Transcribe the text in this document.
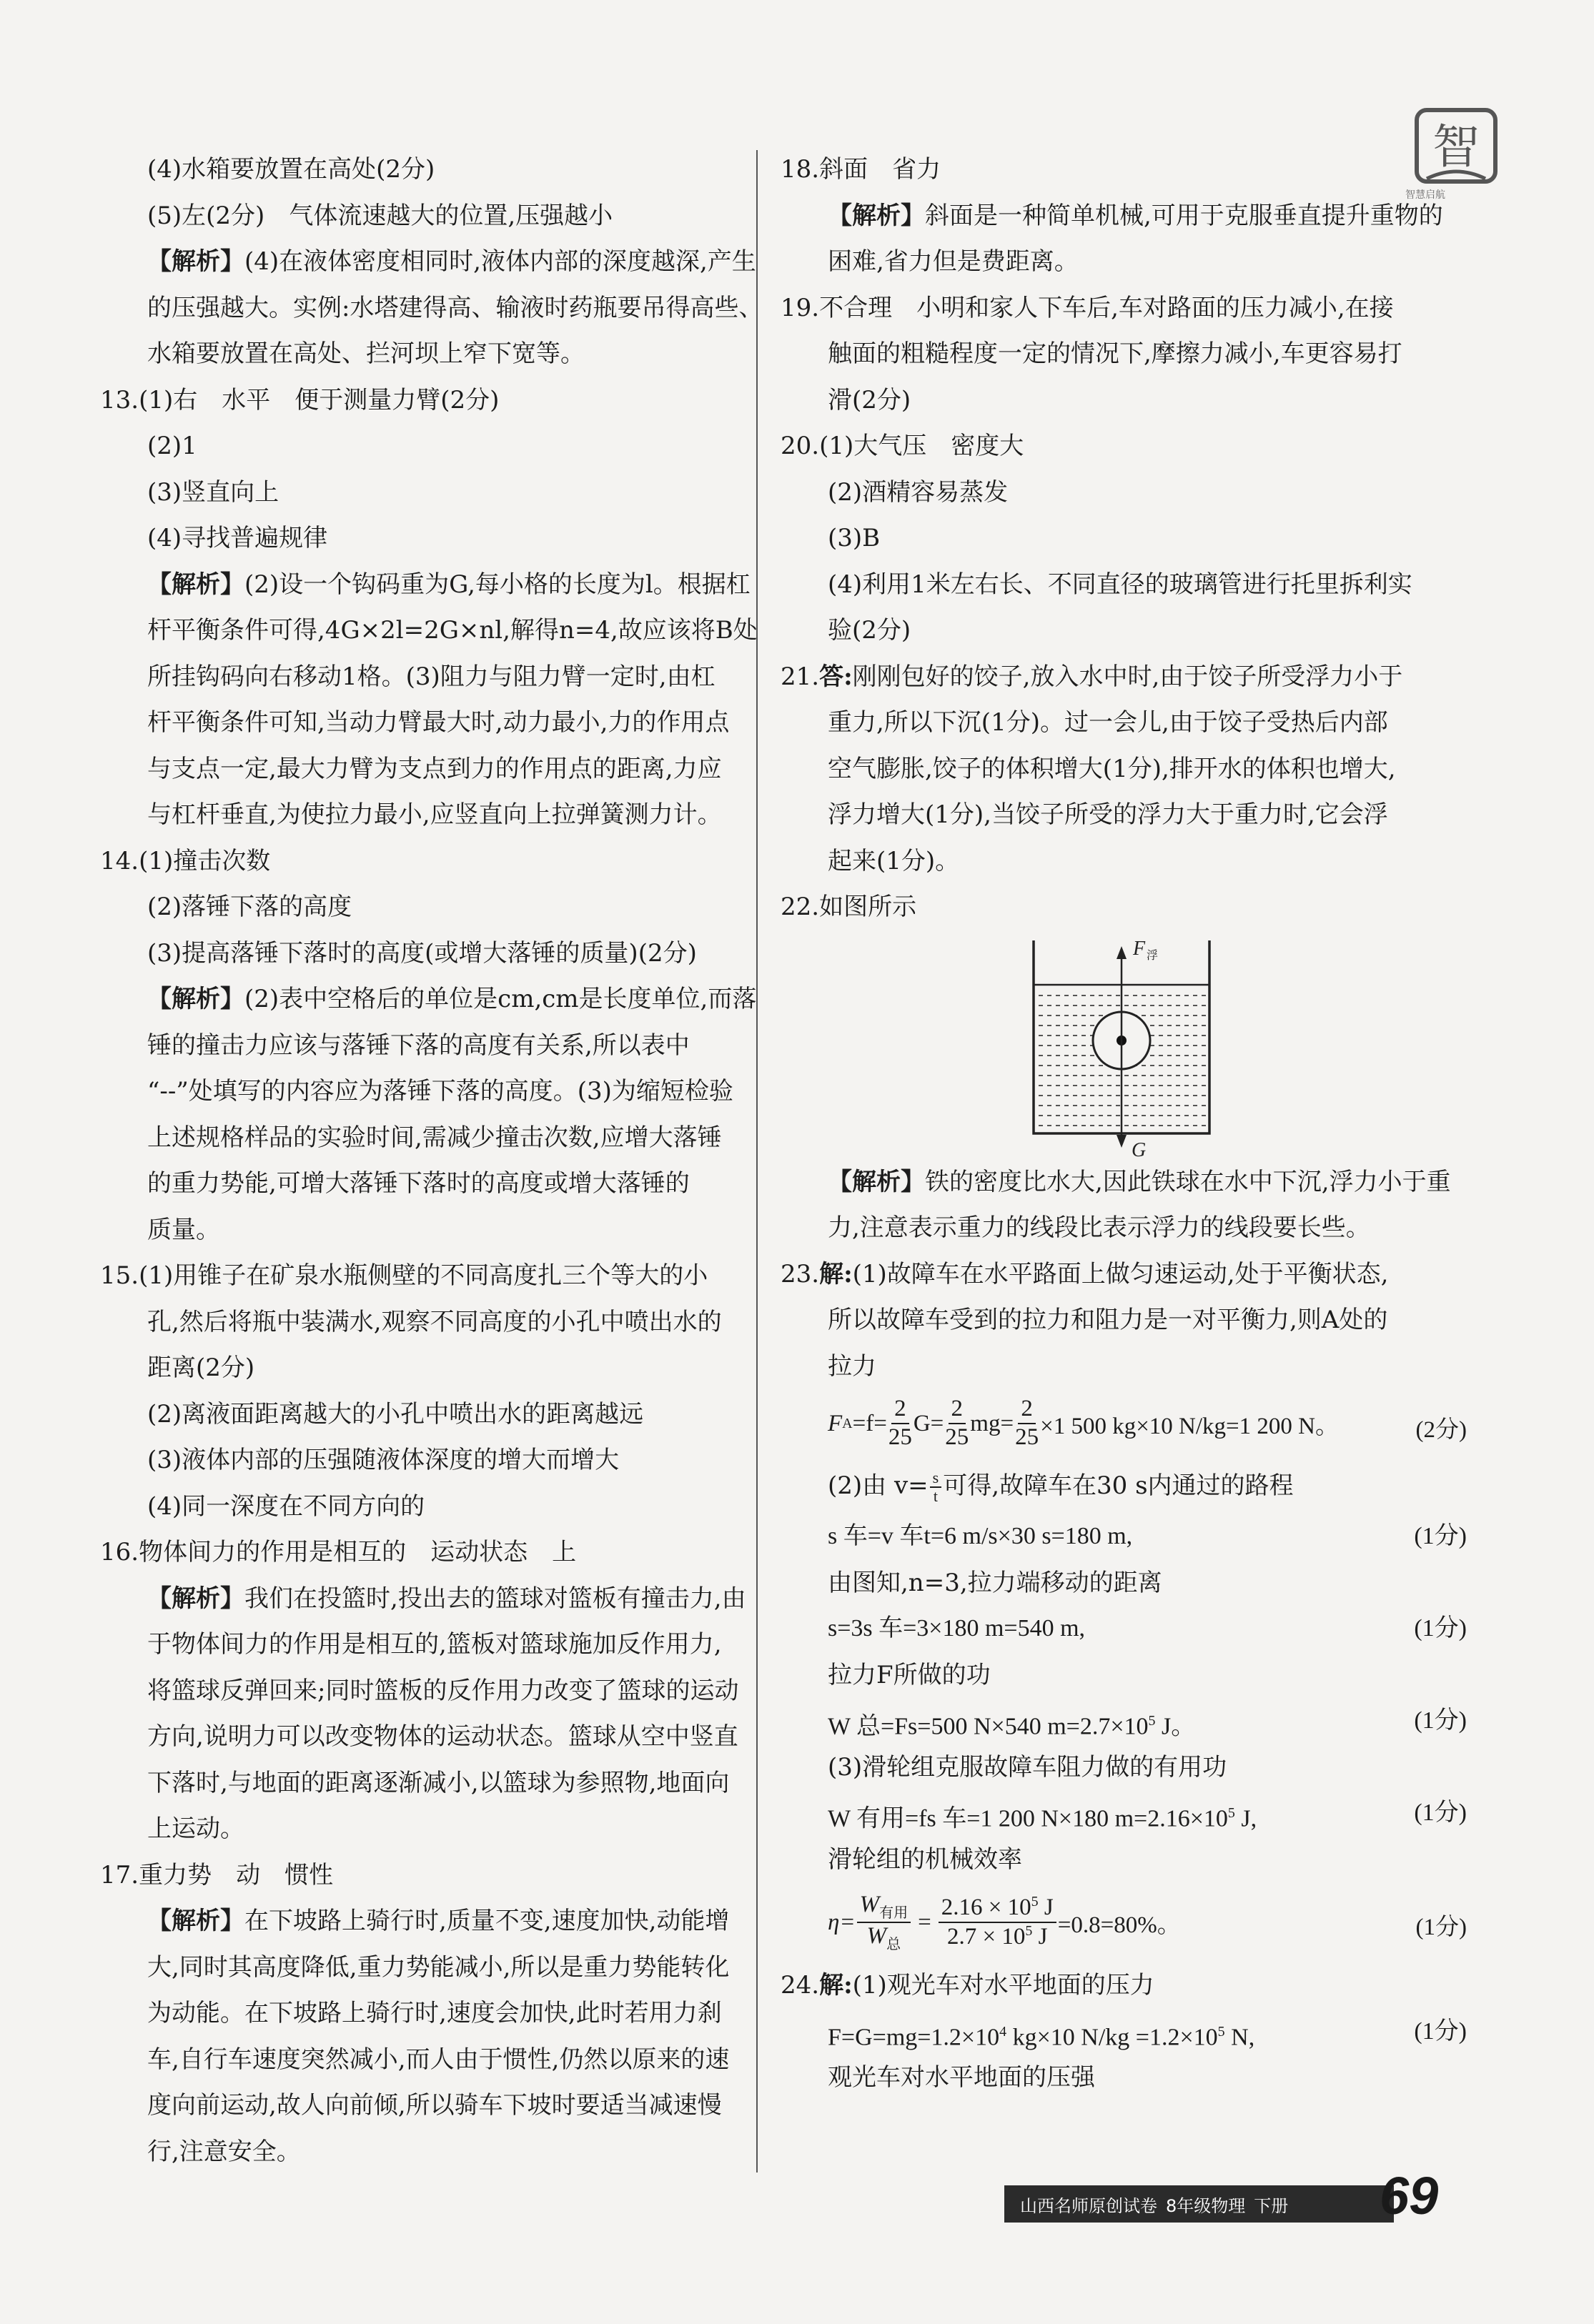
智
智慧启航
(4)水箱要放置在高处(2分)
(5)左(2分)　气体流速越大的位置,压强越小
【解析】(4)在液体密度相同时,液体内部的深度越深,产生
的压强越大。实例:水塔建得高、输液时药瓶要吊得高些、
水箱要放置在高处、拦河坝上窄下宽等。
13.(1)右　水平　便于测量力臂(2分)
(2)1
(3)竖直向上
(4)寻找普遍规律
【解析】(2)设一个钩码重为G,每小格的长度为l。根据杠
杆平衡条件可得,4G×2l=2G×nl,解得n=4,故应该将B处
所挂钩码向右移动1格。(3)阻力与阻力臂一定时,由杠
杆平衡条件可知,当动力臂最大时,动力最小,力的作用点
与支点一定,最大力臂为支点到力的作用点的距离,力应
与杠杆垂直,为使拉力最小,应竖直向上拉弹簧测力计。
14.(1)撞击次数
(2)落锤下落的高度
(3)提高落锤下落时的高度(或增大落锤的质量)(2分)
【解析】(2)表中空格后的单位是cm,cm是长度单位,而落
锤的撞击力应该与落锤下落的高度有关系,所以表中
“--”处填写的内容应为落锤下落的高度。(3)为缩短检验
上述规格样品的实验时间,需减少撞击次数,应增大落锤
的重力势能,可增大落锤下落时的高度或增大落锤的
质量。
15.(1)用锥子在矿泉水瓶侧壁的不同高度扎三个等大的小
孔,然后将瓶中装满水,观察不同高度的小孔中喷出水的
距离(2分)
(2)离液面距离越大的小孔中喷出水的距离越远
(3)液体内部的压强随液体深度的增大而增大
(4)同一深度在不同方向的
16.物体间力的作用是相互的　运动状态　上
【解析】我们在投篮时,投出去的篮球对篮板有撞击力,由
于物体间力的作用是相互的,篮板对篮球施加反作用力,
将篮球反弹回来;同时篮板的反作用力改变了篮球的运动
方向,说明力可以改变物体的运动状态。篮球从空中竖直
下落时,与地面的距离逐渐减小,以篮球为参照物,地面向
上运动。
17.重力势　动　惯性
【解析】在下坡路上骑行时,质量不变,速度加快,动能增
大,同时其高度降低,重力势能减小,所以是重力势能转化
为动能。在下坡路上骑行时,速度会加快,此时若用力刹
车,自行车速度突然减小,而人由于惯性,仍然以原来的速
度向前运动,故人向前倾,所以骑车下坡时要适当减速慢
行,注意安全。
18.斜面　省力
【解析】斜面是一种简单机械,可用于克服垂直提升重物的
困难,省力但是费距离。
19.不合理　小明和家人下车后,车对路面的压力减小,在接
触面的粗糙程度一定的情况下,摩擦力减小,车更容易打
滑(2分)
20.(1)大气压　密度大
(2)酒精容易蒸发
(3)B
(4)利用1米左右长、不同直径的玻璃管进行托里拆利实
验(2分)
21.答:刚刚包好的饺子,放入水中时,由于饺子所受浮力小于
重力,所以下沉(1分)。过一会儿,由于饺子受热后内部
空气膨胀,饺子的体积增大(1分),排开水的体积也增大,
浮力增大(1分),当饺子所受的浮力大于重力时,它会浮
起来(1分)。
22.如图所示
F 浮
G
【解析】铁的密度比水大,因此铁球在水中下沉,浮力小于重
力,注意表示重力的线段比表示浮力的线段要长些。
23.解:(1)故障车在水平路面上做匀速运动,处于平衡状态,
所以故障车受到的拉力和阻力是一对平衡力,则A处的
拉力
F $A =f= \frac{2}{25} G= \frac{2}{25} mg= \frac{2}{25} \times 1$ 500 kg×10 N/kg=1 200 N。	(2分)
(2)由 $v= \frac{s}{t}$ 可得,故障车在30 s内通过的路程
s 车=v 车t=6 m/s×30 s=180 m,	(1分)
由图知,n=3,拉力端移动的距离
s=3s 车=3×180 m=540 m,	(1分)
拉力F所做的功
W 总=Fs=500 N×540 $m=2.7\times 10^5$ J。	(1分)
(3)滑轮组克服故障车阻力做的有用功
W 有用=fs 车=1 200 N×180 $m=2.16\times 10^5$ J,	(1分)
滑轮组的机械效率
$\eta= \frac{W_{有用}}{W_总} = \frac{2.16 \times 10^5 J}{2.7 \times 10^5 J} =0.8=80\%$。	(1分)
24.解:(1)观光车对水平地面的压力
$F=G=mg=1.2\times 10^4$ kg×10 $N/kg =1.2\times 10^5$ N,	(1分)
观光车对水平地面的压强
山西名师原创试卷 8年级物理 下册 69
